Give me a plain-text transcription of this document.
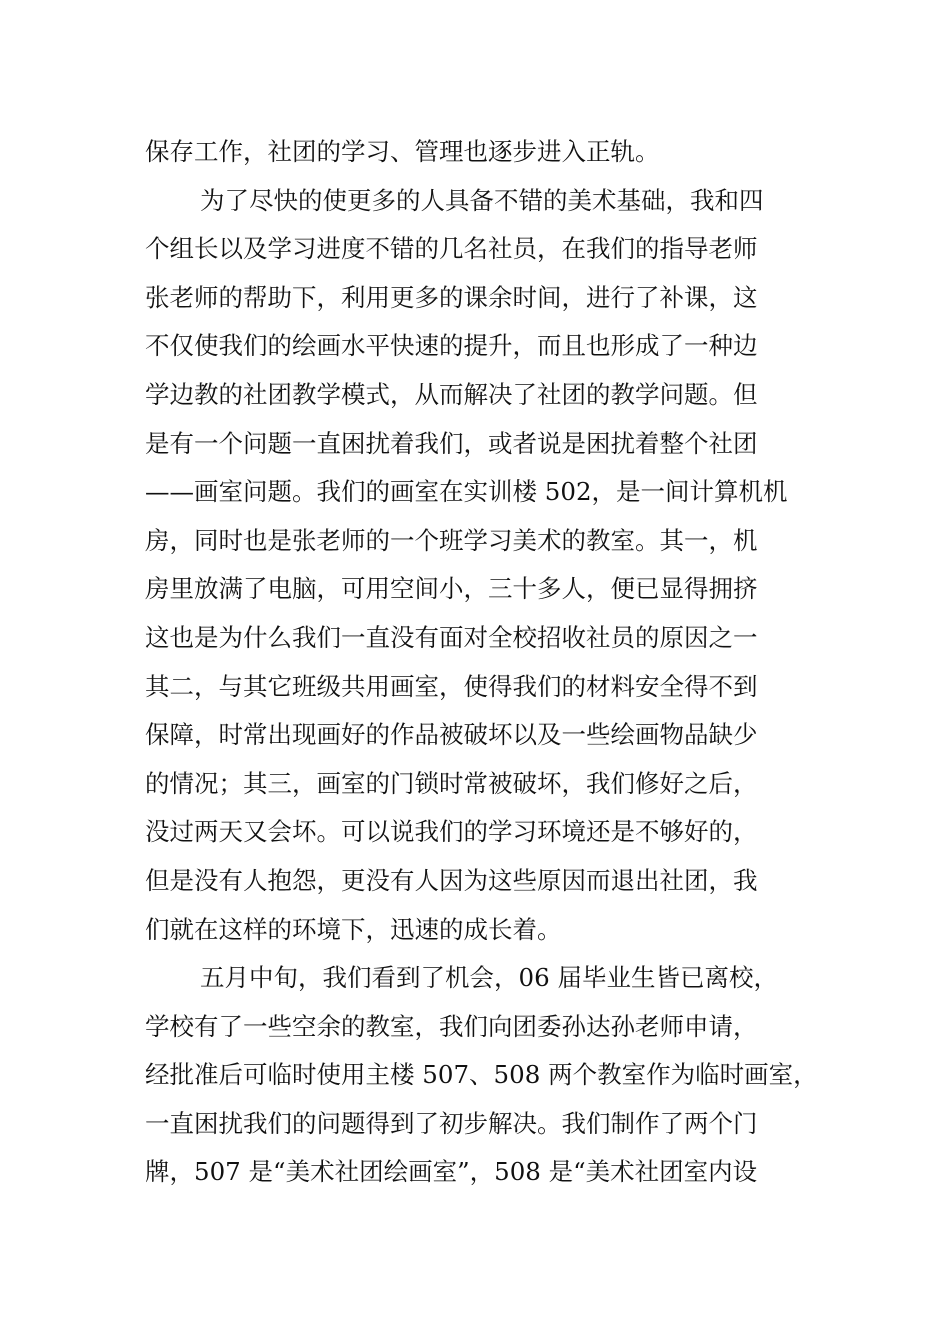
保存工作，社团的学习、管理也逐步进入正轨。
为了尽快的使更多的人具备不错的美术基础，我和四
个组长以及学习进度不错的几名社员，在我们的指导老师
张老师的帮助下，利用更多的课余时间，进行了补课，这
不仅使我们的绘画水平快速的提升，而且也形成了一种边
学边教的社团教学模式，从而解决了社团的教学问题。但
是有一个问题一直困扰着我们，或者说是困扰着整个社团
——画室问题。我们的画室在实训楼 502，是一间计算机机
房，同时也是张老师的一个班学习美术的教室。其一，机
房里放满了电脑，可用空间小，三十多人，便已显得拥挤
这也是为什么我们一直没有面对全校招收社员的原因之一
其二，与其它班级共用画室，使得我们的材料安全得不到
保障，时常出现画好的作品被破坏以及一些绘画物品缺少
的情况；其三，画室的门锁时常被破坏，我们修好之后，
没过两天又会坏。可以说我们的学习环境还是不够好的，
但是没有人抱怨，更没有人因为这些原因而退出社团，我
们就在这样的环境下，迅速的成长着。
五月中旬，我们看到了机会，06 届毕业生皆已离校，
学校有了一些空余的教室，我们向团委孙达孙老师申请，
经批准后可临时使用主楼 507、508 两个教室作为临时画室，
一直困扰我们的问题得到了初步解决。我们制作了两个门
牌，507 是“美术社团绘画室”，508 是“美术社团室内设
